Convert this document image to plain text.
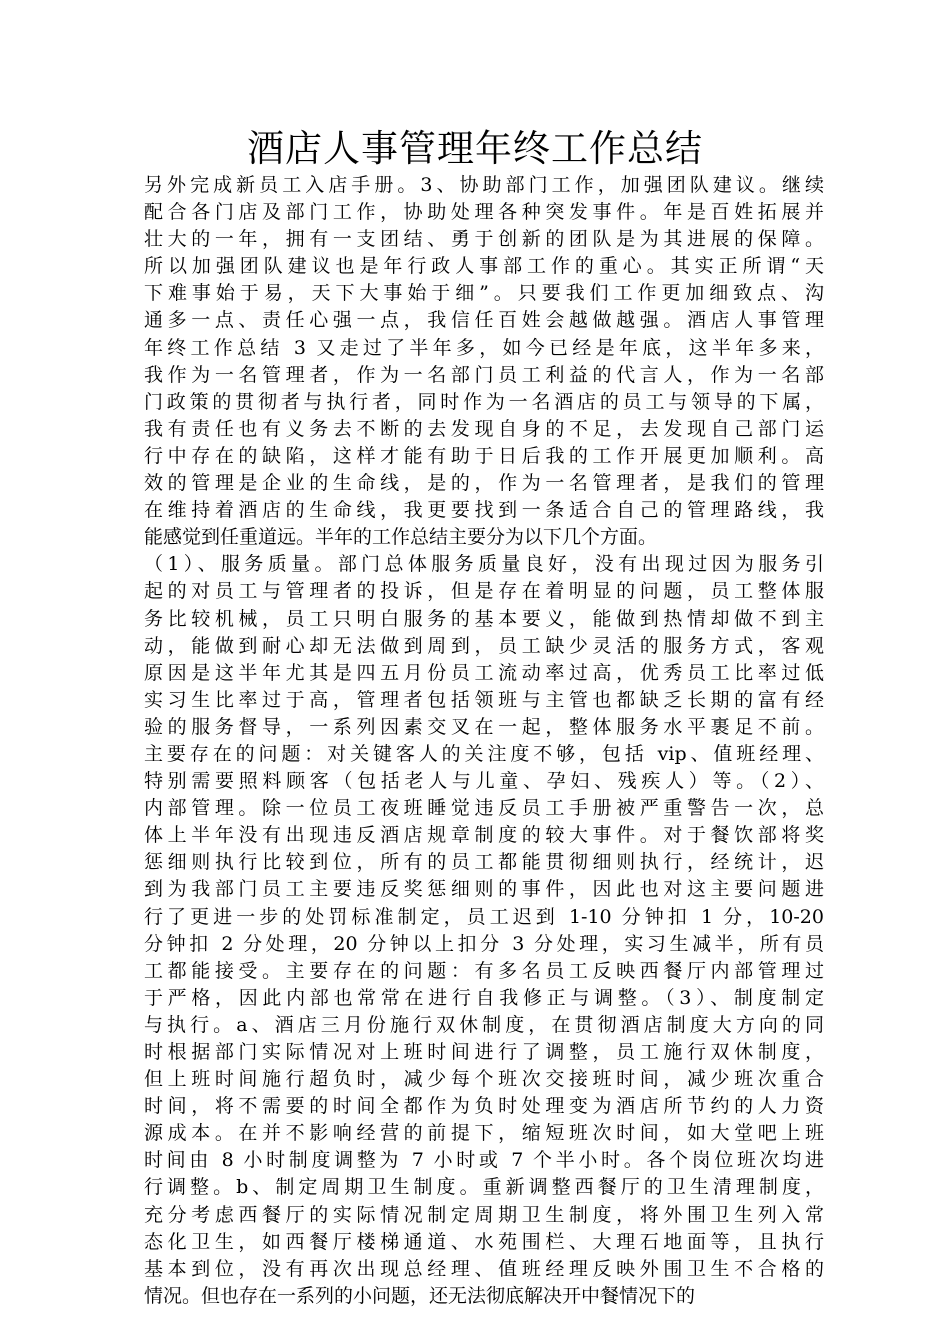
酒店人事管理年终工作总结
另外完成新员工入店手册。3、协助部门工作，加强团队建议。继续
配合各门店及部门工作，协助处理各种突发事件。年是百姓拓展并
壮大的一年，拥有一支团结、勇于创新的团队是为其进展的保障。
所以加强团队建议也是年行政人事部工作的重心。其实正所谓“天
下难事始于易，天下大事始于细”。只要我们工作更加细致点、沟
通多一点、责任心强一点，我信任百姓会越做越强。酒店人事管理
年终工作总结 3 又走过了半年多，如今已经是年底，这半年多来，
我作为一名管理者，作为一名部门员工利益的代言人，作为一名部
门政策的贯彻者与执行者，同时作为一名酒店的员工与领导的下属，
我有责任也有义务去不断的去发现自身的不足，去发现自己部门运
行中存在的缺陷，这样才能有助于日后我的工作开展更加顺利。高
效的管理是企业的生命线，是的，作为一名管理者，是我们的管理
在维持着酒店的生命线，我更要找到一条适合自己的管理路线，我
能感觉到任重道远。半年的工作总结主要分为以下几个方面。
（1）、服务质量。部门总体服务质量良好，没有出现过因为服务引
起的对员工与管理者的投诉，但是存在着明显的问题，员工整体服
务比较机械，员工只明白服务的基本要义，能做到热情却做不到主
动，能做到耐心却无法做到周到，员工缺少灵活的服务方式，客观
原因是这半年尤其是四五月份员工流动率过高，优秀员工比率过低
实习生比率过于高，管理者包括领班与主管也都缺乏长期的富有经
验的服务督导，一系列因素交叉在一起，整体服务水平裹足不前。
主要存在的问题：对关键客人的关注度不够，包括 vip、值班经理、
特别需要照料顾客（包括老人与儿童、孕妇、残疾人）等。（2）、
内部管理。除一位员工夜班睡觉违反员工手册被严重警告一次，总
体上半年没有出现违反酒店规章制度的较大事件。对于餐饮部将奖
惩细则执行比较到位，所有的员工都能贯彻细则执行，经统计，迟
到为我部门员工主要违反奖惩细则的事件，因此也对这主要问题进
行了更进一步的处罚标准制定，员工迟到 1-10 分钟扣 1 分，10-20
分钟扣 2 分处理，20 分钟以上扣分 3 分处理，实习生减半，所有员
工都能接受。主要存在的问题：有多名员工反映西餐厅内部管理过
于严格，因此内部也常常在进行自我修正与调整。（3）、制度制定
与执行。a、酒店三月份施行双休制度，在贯彻酒店制度大方向的同
时根据部门实际情况对上班时间进行了调整，员工施行双休制度，
但上班时间施行超负时，减少每个班次交接班时间，减少班次重合
时间，将不需要的时间全都作为负时处理变为酒店所节约的人力资
源成本。在并不影响经营的前提下，缩短班次时间，如大堂吧上班
时间由 8 小时制度调整为 7 小时或 7 个半小时。各个岗位班次均进
行调整。b、制定周期卫生制度。重新调整西餐厅的卫生清理制度，
充分考虑西餐厅的实际情况制定周期卫生制度，将外围卫生列入常
态化卫生，如西餐厅楼梯通道、水苑围栏、大理石地面等，且执行
基本到位，没有再次出现总经理、值班经理反映外围卫生不合格的
情况。但也存在一系列的小问题，还无法彻底解决开中餐情况下的
